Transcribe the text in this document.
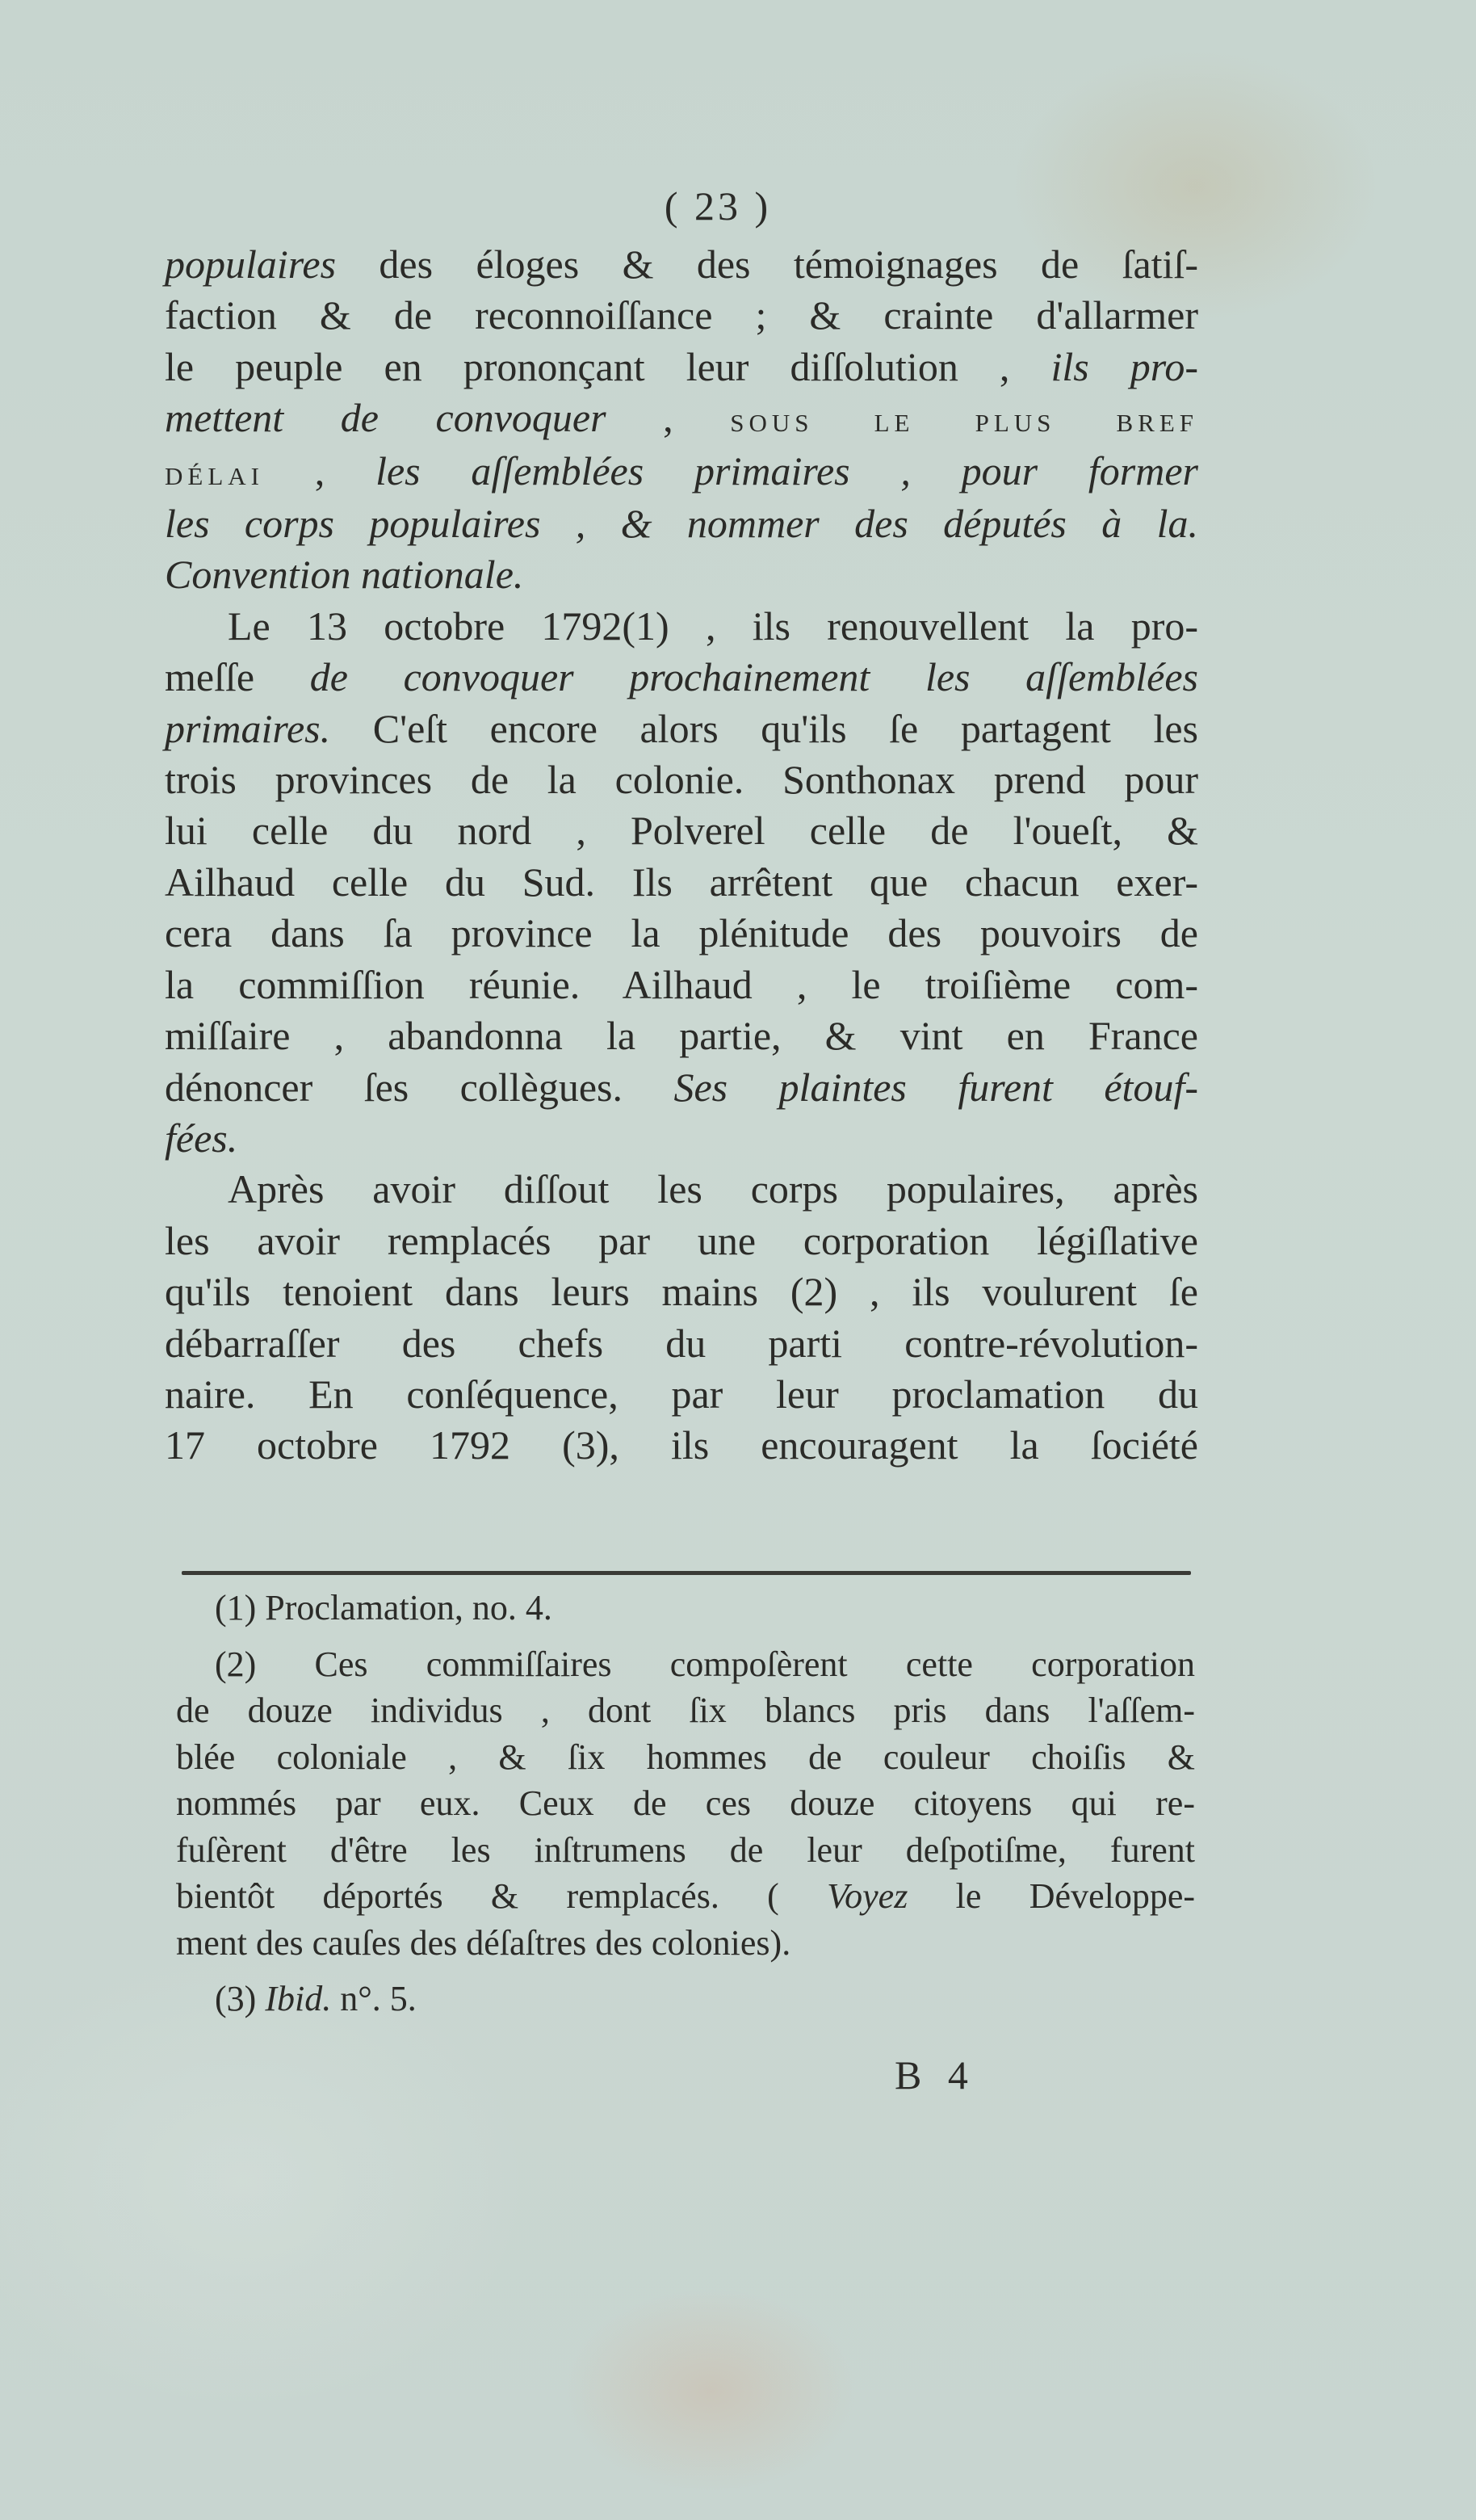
( 23 )

populaires des éloges & des témoignages de ſatiſ-
faction & de reconnoiſſance ; & crainte d'allarmer
le peuple en prononçant leur diſſolution , ils pro-
mettent de convoquer , sous le plus bref
délai , les aſſemblées primaires , pour former
les corps populaires , & nommer des députés à la.
Convention nationale.

Le 13 octobre 1792(1) , ils renouvellent la pro-
meſſe de convoquer prochainement les aſſemblées
primaires. C'eſt encore alors qu'ils ſe partagent les
trois provinces de la colonie. Sonthonax prend pour
lui celle du nord , Polverel celle de l'oueſt, &
Ailhaud celle du Sud. Ils arrêtent que chacun exer-
cera dans ſa province la plénitude des pouvoirs de
la commiſſion réunie. Ailhaud , le troiſième com-
miſſaire , abandonna la partie, & vint en France
dénoncer ſes collègues. Ses plaintes furent étouf-
fées.

Après avoir diſſout les corps populaires, après
les avoir remplacés par une corporation légiſlative
qu'ils tenoient dans leurs mains (2) , ils voulurent ſe
débarraſſer des chefs du parti contre-révolution-
naire. En conſéquence, par leur proclamation du
17 octobre 1792 (3), ils encouragent la ſociété

(1) Proclamation, no. 4.

(2) Ces commiſſaires compoſèrent cette corporation
de douze individus , dont ſix blancs pris dans l'aſſem-
blée coloniale , & ſix hommes de couleur choiſis &
nommés par eux. Ceux de ces douze citoyens qui re-
fuſèrent d'être les inſtrumens de leur deſpotiſme, furent
bientôt déportés & remplacés. ( Voyez le Développe-
ment des cauſes des déſaſtres des colonies).

(3) Ibid. n°. 5.

B 4
